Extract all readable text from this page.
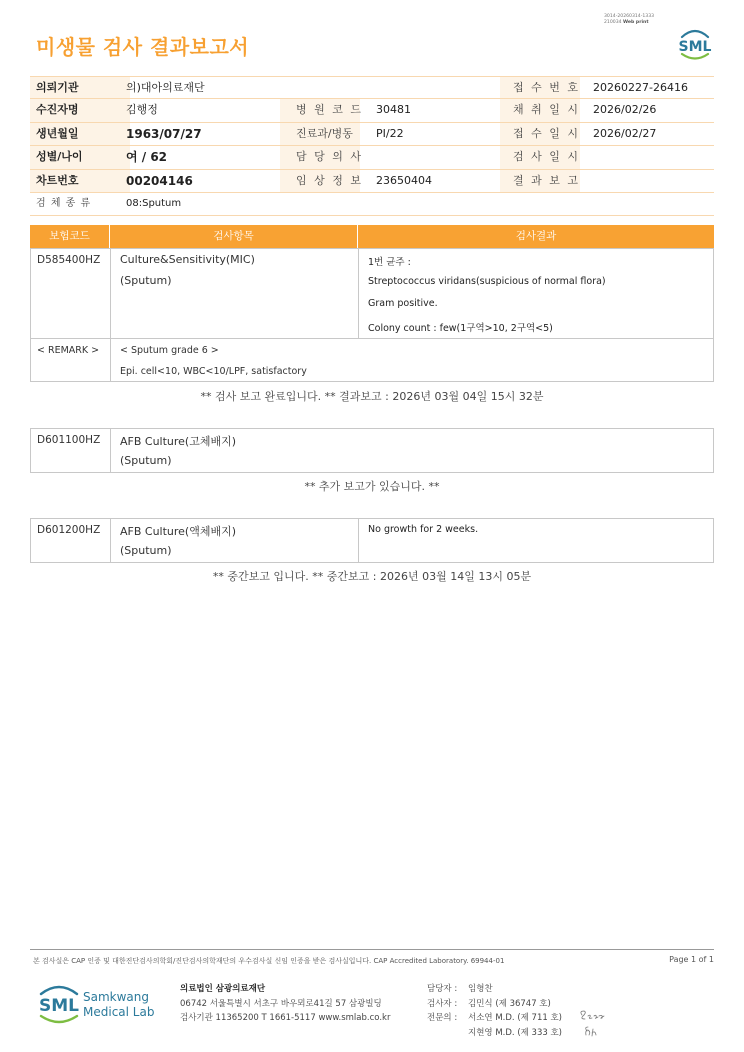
3014-20260314-1333
210034 Web print
미생물 검사 결과보고서	SML
의뢰기관	의)대아의료재단	접 수 번 호 20260227-26416
수진자명	김행정	병 원 코 드 30481	채 취 일 시 2026/02/26
생년월일	1963/07/27	진료과/병동 PI/22	접 수 일 시 2026/02/27
성별/나이	여 / 62	담 당 의 사	검 사 일 시
차트번호	00204146	임 상 정 보 23650404	결 과 보 고
검 체 종 류	08:Sputum
보험코드	검사항목	검사결과
D585400HZ Culture&Sensitivity(MIC)
(Sputum)
1번 균주 :
Streptococcus viridans(suspicious of normal flora)
Gram positive.
Colony count : few(1구역>10, 2구역<5)
< REMARK > < Sputum grade 6 >
Epi. cell<10, WBC<10/LPF, satisfactory
** 검사 보고 완료입니다. ** 결과보고 : 2026년 03월 04일 15시 32분
D601100HZ AFB Culture(고체배지)
(Sputum)
** 추가 보고가 있습니다. **
D601200HZ AFB Culture(액체배지)
(Sputum)
No growth for 2 weeks.
** 중간보고 입니다. ** 중간보고 : 2026년 03월 14일 13시 05분
본 검사실은 CAP 인증 및 대한진단검사의학회/진단검사의학재단의 우수검사실 신임 인증을 받은 검사실입니다. CAP Accredited Laboratory. 69944-01	Page 1 of 1
SML Samkwang
Medical Lab
의료법인 삼광의료재단
06742 서울특별시 서초구 바우뫼로41길 57 삼광빌딩
검사기관 11365200 T 1661-5117 www.smlab.co.kr
담당자 : 임형찬
검사자 : 김민식 (제 36747 호)
전문의 : 서소연 M.D. (제 711 호)
지현영 M.D. (제 333 호)
